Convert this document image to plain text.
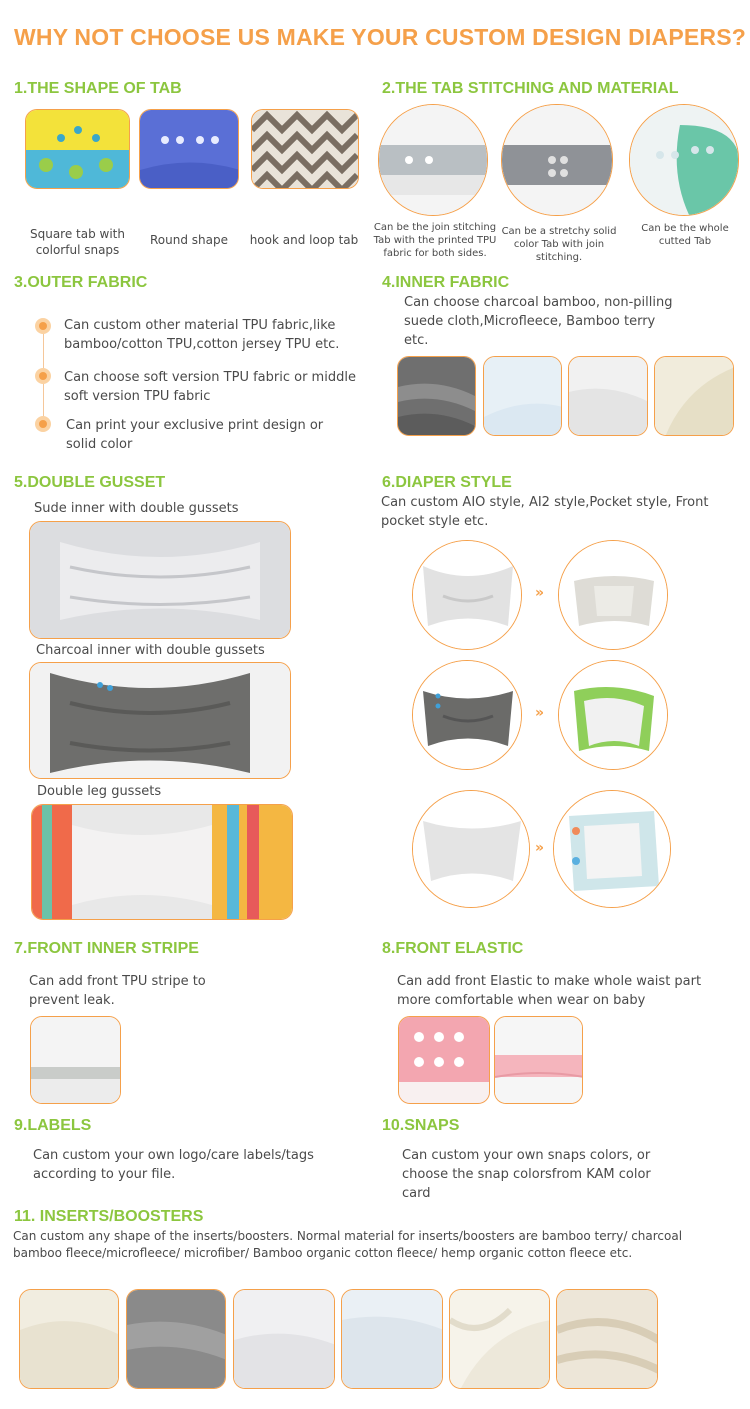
WHY NOT CHOOSE US MAKE YOUR CUSTOM DESIGN DIAPERS?
1.THE SHAPE OF TAB
Square tab with colorful snaps
Round shape	hook and loop tab
2.THE TAB STITCHING AND MATERIAL
Can be the join stitching Tab with the printed TPU fabric for both sides.
Can be a stretchy solid color Tab with join stitching.
Can be the whole cutted Tab
3.OUTER FABRIC
Can custom other material TPU fabric,like bamboo/cotton TPU,cotton jersey TPU etc.
Can choose soft version TPU fabric or middle soft version TPU fabric
Can print your exclusive print design or solid color
4.INNER FABRIC
Can choose charcoal bamboo, non-pilling suede cloth,Microfleece, Bamboo terry etc.
5.DOUBLE GUSSET
Sude inner with double gussets
Charcoal inner with double gussets
Double leg gussets
6.DIAPER STYLE
Can custom AIO style, AI2 style,Pocket style, Front pocket style etc.
»
»
»
7.FRONT INNER STRIPE
Can add front TPU stripe to prevent leak.
8.FRONT ELASTIC
Can add front Elastic to make whole waist part more comfortable when wear on baby
9.LABELS
Can custom your own logo/care labels/tags according to your file.
10.SNAPS
Can custom your own snaps colors, or choose the snap colorsfrom KAM color card
11. INSERTS/BOOSTERS
Can custom any shape of the inserts/boosters. Normal material for inserts/boosters are bamboo terry/ charcoal bamboo fleece/microfleece/ microfiber/ Bamboo organic cotton fleece/ hemp organic cotton fleece etc.
